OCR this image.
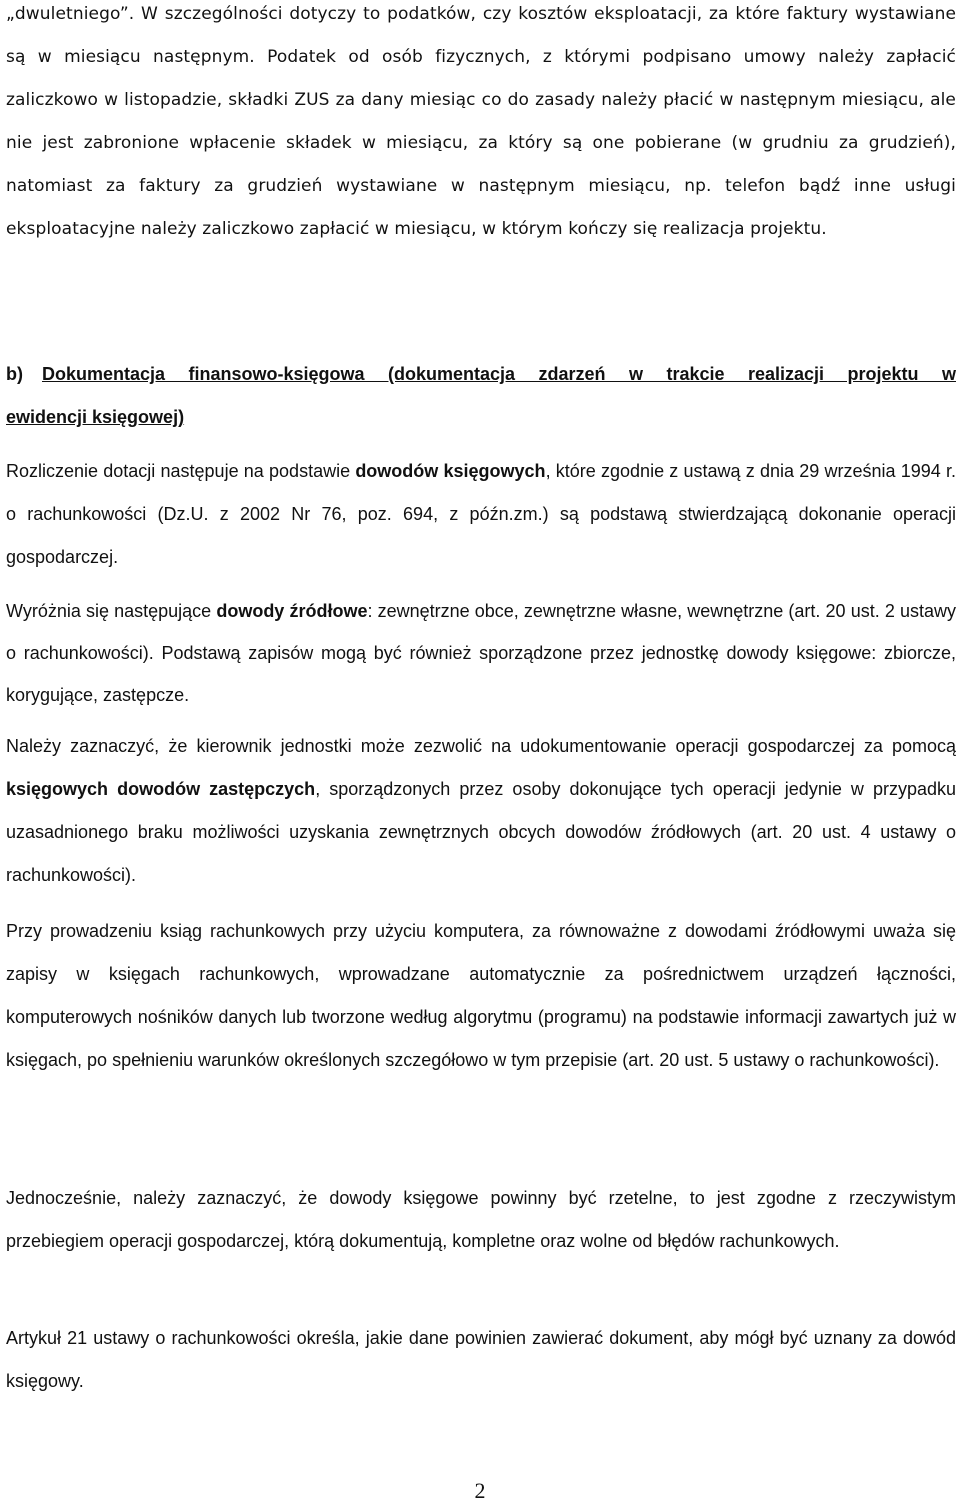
„dwuletniego”. W szczególności dotyczy to podatków, czy kosztów eksploatacji, za które faktury wystawiane są w miesiącu następnym. Podatek od osób fizycznych, z którymi podpisano umowy należy zapłacić zaliczkowo w listopadzie, składki ZUS za dany miesiąc co do zasady należy płacić w następnym miesiącu, ale nie jest zabronione wpłacenie składek w miesiącu, za który są one pobierane (w grudniu za grudzień), natomiast za faktury za grudzień wystawiane w następnym miesiącu, np. telefon bądź inne usługi eksploatacyjne należy zaliczkowo zapłacić w miesiącu, w którym kończy się realizacja projektu.

b) Dokumentacja finansowo-księgowa (dokumentacja zdarzeń w trakcie realizacji projektu w

ewidencji księgowej)

Rozliczenie dotacji następuje na podstawie dowodów księgowych, które zgodnie z ustawą z dnia 29 września 1994 r. o rachunkowości (Dz.U. z 2002 Nr 76, poz. 694, z późn.zm.) są podstawą stwierdzającą dokonanie operacji gospodarczej.

Wyróżnia się następujące dowody źródłowe: zewnętrzne obce, zewnętrzne własne, wewnętrzne (art. 20 ust. 2 ustawy o rachunkowości). Podstawą zapisów mogą być również sporządzone przez jednostkę dowody księgowe: zbiorcze, korygujące, zastępcze.

Należy zaznaczyć, że kierownik jednostki może zezwolić na udokumentowanie operacji gospodarczej za pomocą księgowych dowodów zastępczych, sporządzonych przez osoby dokonujące tych operacji jedynie w przypadku uzasadnionego braku możliwości uzyskania zewnętrznych obcych dowodów źródłowych (art. 20 ust. 4 ustawy o rachunkowości).

Przy prowadzeniu ksiąg rachunkowych przy użyciu komputera, za równoważne z dowodami źródłowymi uważa się zapisy w księgach rachunkowych, wprowadzane automatycznie za pośrednictwem urządzeń łączności, komputerowych nośników danych lub tworzone według algorytmu (programu) na podstawie informacji zawartych już w księgach, po spełnieniu warunków określonych szczegółowo w tym przepisie (art. 20 ust. 5 ustawy o rachunkowości).

Jednocześnie, należy zaznaczyć, że dowody księgowe powinny być rzetelne, to jest zgodne z rzeczywistym przebiegiem operacji gospodarczej, którą dokumentują, kompletne oraz wolne od błędów rachunkowych.

Artykuł 21 ustawy o rachunkowości określa, jakie dane powinien zawierać dokument, aby mógł być uznany za dowód księgowy.

2
